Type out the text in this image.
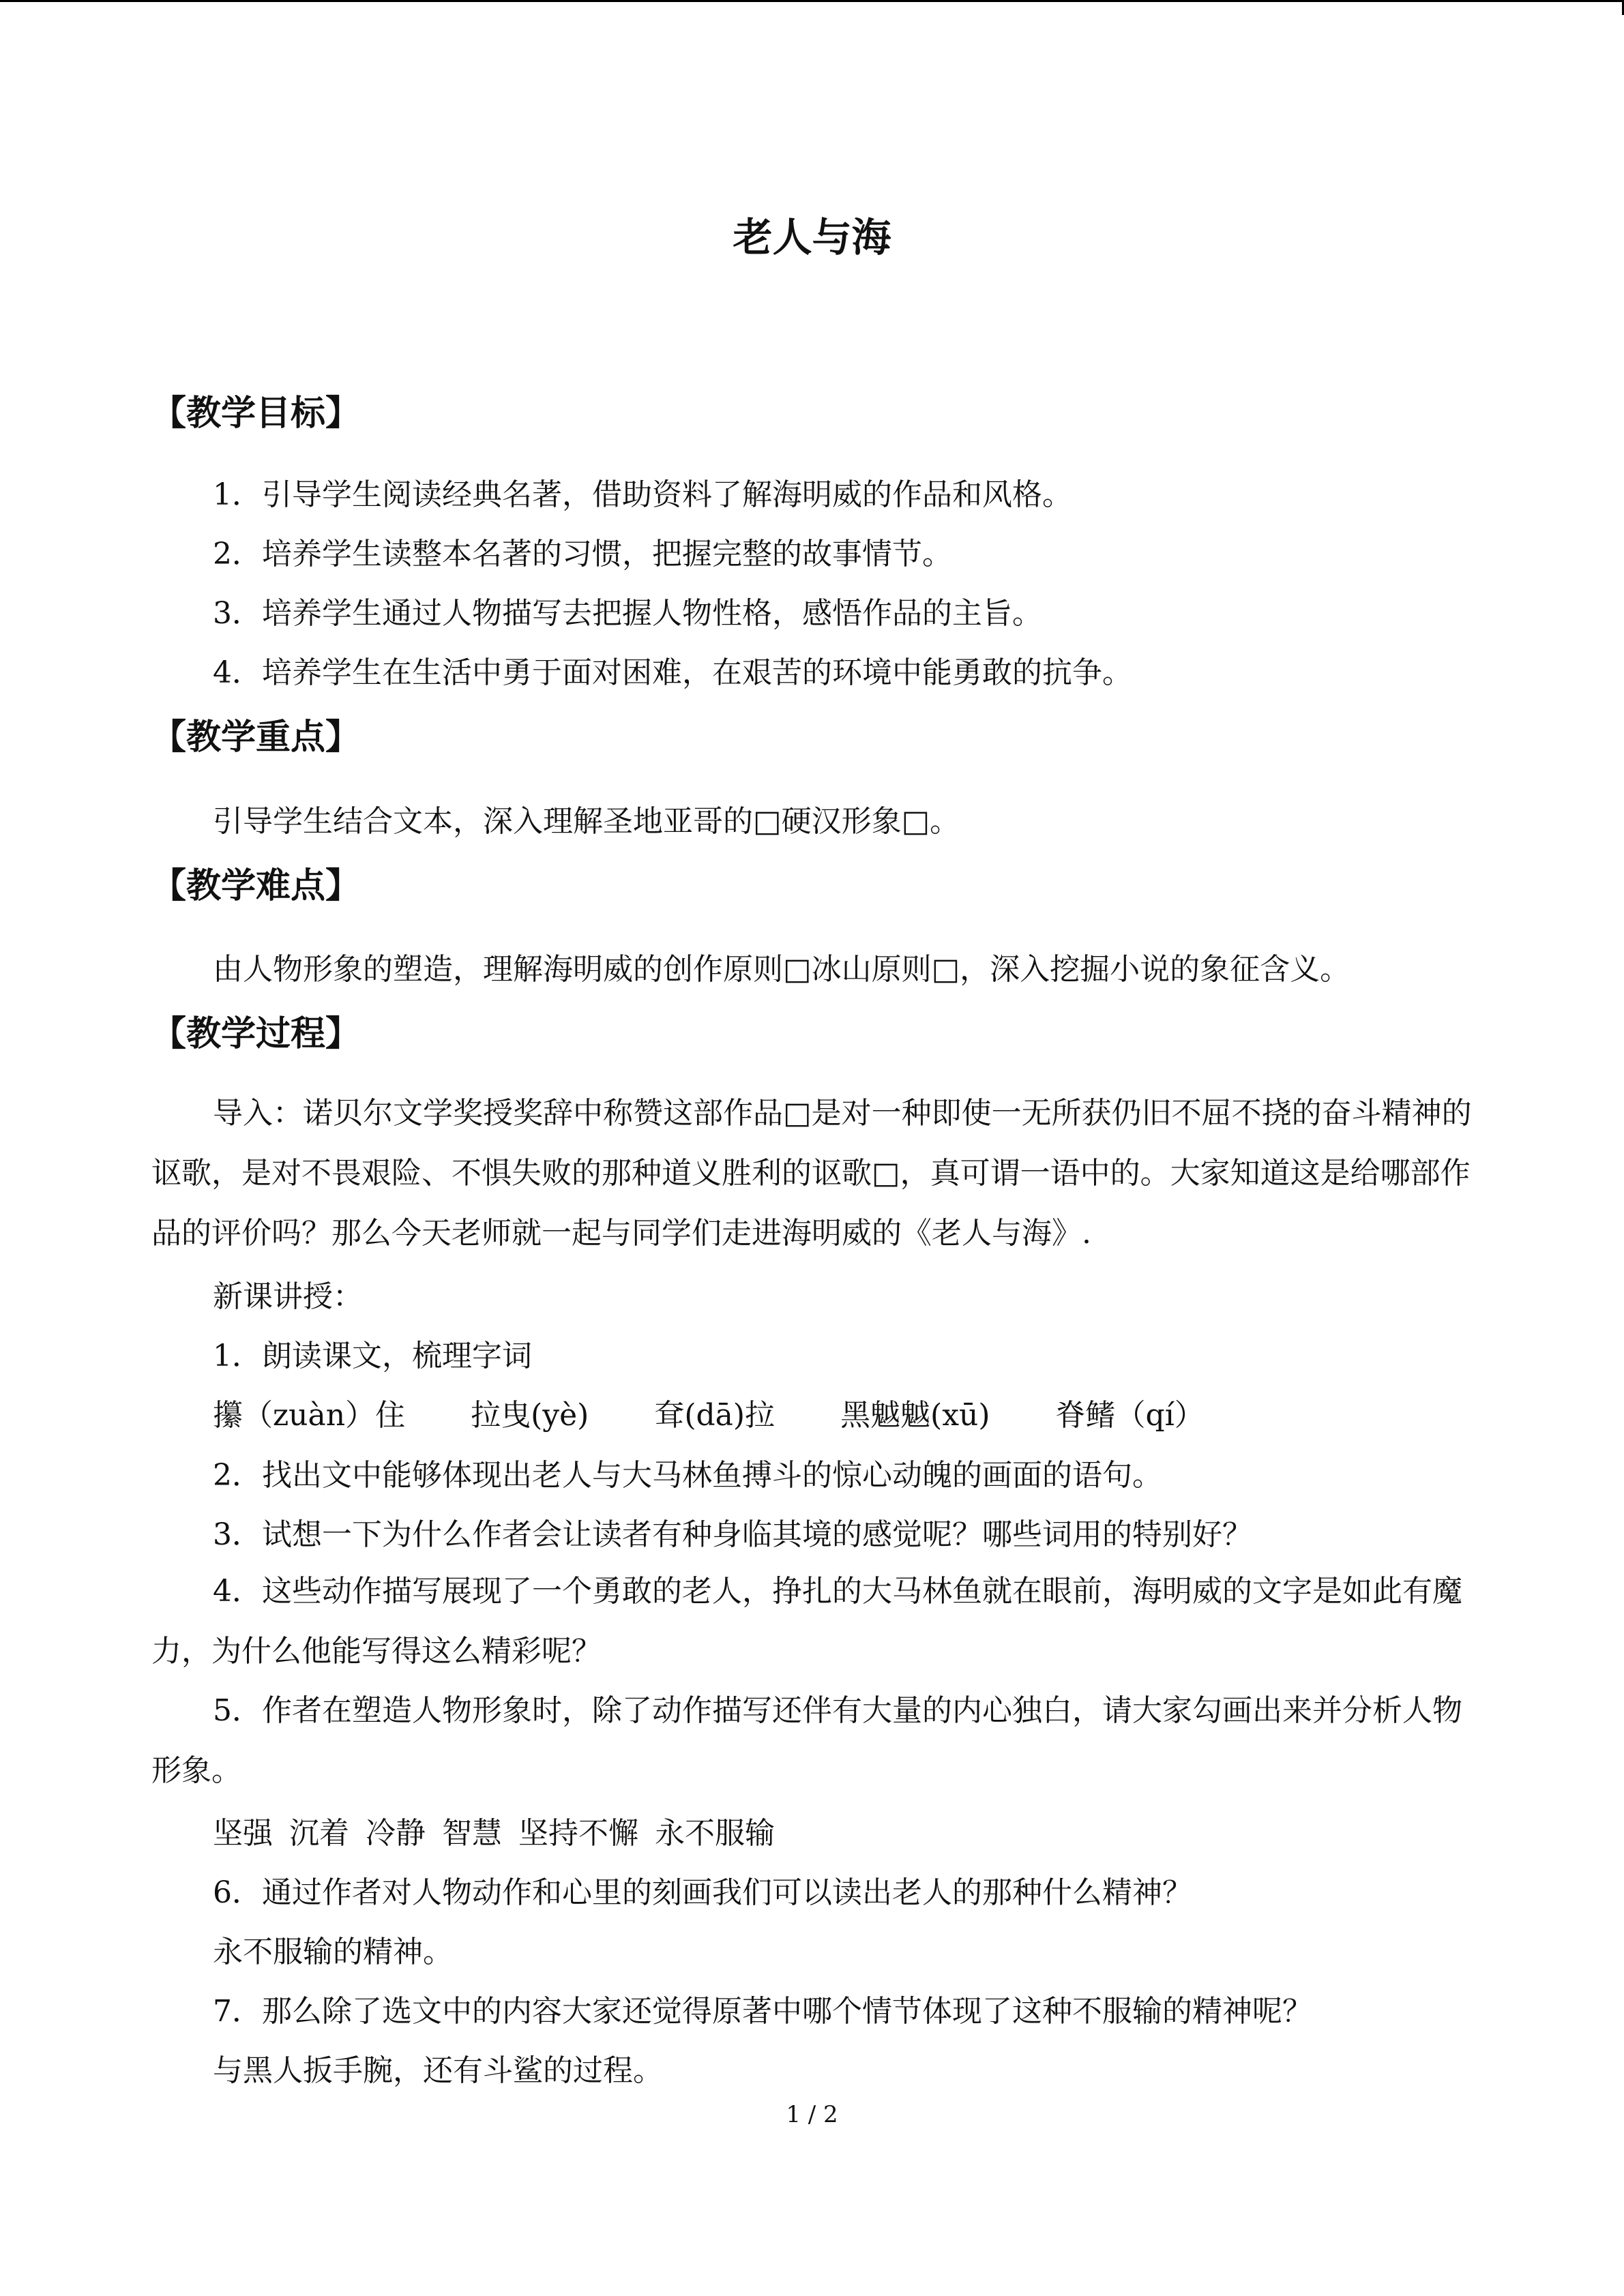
老人与海
【教学目标】
1．引导学生阅读经典名著，借助资料了解海明威的作品和风格。
2．培养学生读整本名著的习惯，把握完整的故事情节。
3．培养学生通过人物描写去把握人物性格，感悟作品的主旨。
4．培养学生在生活中勇于面对困难，在艰苦的环境中能勇敢的抗争。
【教学重点】
引导学生结合文本，深入理解圣地亚哥的□硬汉形象□。
【教学难点】
由人物形象的塑造，理解海明威的创作原则□冰山原则□，深入挖掘小说的象征含义。
【教学过程】
导入：诺贝尔文学奖授奖辞中称赞这部作品□是对一种即使一无所获仍旧不屈不挠的奋斗精神的讴歌，是对不畏艰险、不惧失败的那种道义胜利的讴歌□，真可谓一语中的。大家知道这是给哪部作品的评价吗？那么今天老师就一起与同学们走进海明威的《老人与海》.
新课讲授：
1．朗读课文，梳理字词
攥（zuàn）住 拉曳(yè) 耷(dā)拉 黑魆魆(xū) 脊鳍（qí）
2．找出文中能够体现出老人与大马林鱼搏斗的惊心动魄的画面的语句。
3．试想一下为什么作者会让读者有种身临其境的感觉呢？哪些词用的特别好？
4．这些动作描写展现了一个勇敢的老人，挣扎的大马林鱼就在眼前，海明威的文字是如此有魔力，为什么他能写得这么精彩呢？
5．作者在塑造人物形象时，除了动作描写还伴有大量的内心独白，请大家勾画出来并分析人物形象。
坚强 沉着 冷静 智慧 坚持不懈 永不服输
6．通过作者对人物动作和心里的刻画我们可以读出老人的那种什么精神？
永不服输的精神。
7．那么除了选文中的内容大家还觉得原著中哪个情节体现了这种不服输的精神呢？
与黑人扳手腕，还有斗鲨的过程。
1 / 2
